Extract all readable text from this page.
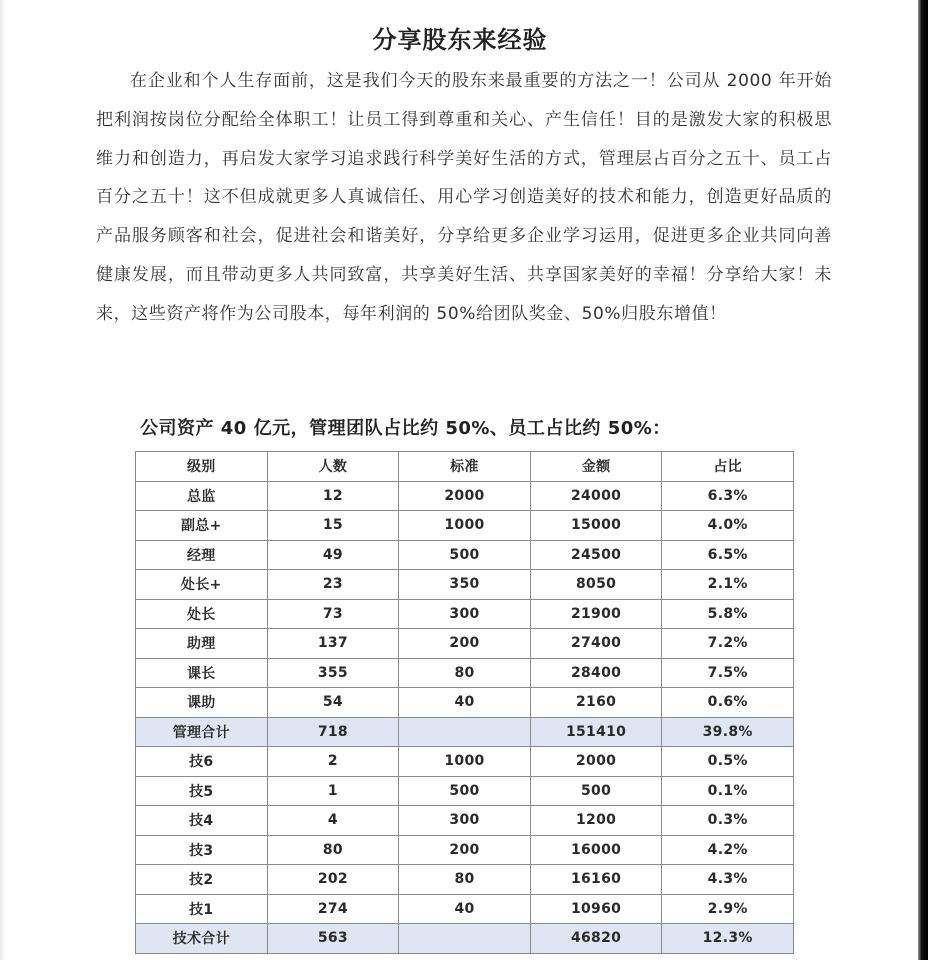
分享股东来经验
在企业和个人生存面前，这是我们今天的股东来最重要的方法之一！公司从 2000 年开始把利润按岗位分配给全体职工！让员工得到尊重和关心、产生信任！目的是激发大家的积极思维力和创造力，再启发大家学习追求践行科学美好生活的方式，管理层占百分之五十、员工占百分之五十！这不但成就更多人真诚信任、用心学习创造美好的技术和能力，创造更好品质的产品服务顾客和社会，促进社会和谐美好，分享给更多企业学习运用，促进更多企业共同向善健康发展，而且带动更多人共同致富，共享美好生活、共享国家美好的幸福！分享给大家！未来，这些资产将作为公司股本，每年利润的 50%给团队奖金、50%归股东增值！
公司资产 40 亿元，管理团队占比约 50%、员工占比约 50%：
级别	人数	标准	金额	占比
总监	12	2000	24000	6.3%
副总+	15	1000	15000	4.0%
经理	49	500	24500	6.5%
处长+	23	350	8050	2.1%
处长	73	300	21900	5.8%
助理	137	200	27400	7.2%
课长	355	80	28400	7.5%
课助	54	40	2160	0.6%
管理合计	718		151410	39.8%
技6	2	1000	2000	0.5%
技5	1	500	500	0.1%
技4	4	300	1200	0.3%
技3	80	200	16000	4.2%
技2	202	80	16160	4.3%
技1	274	40	10960	2.9%
技术合计	563		46820	12.3%
